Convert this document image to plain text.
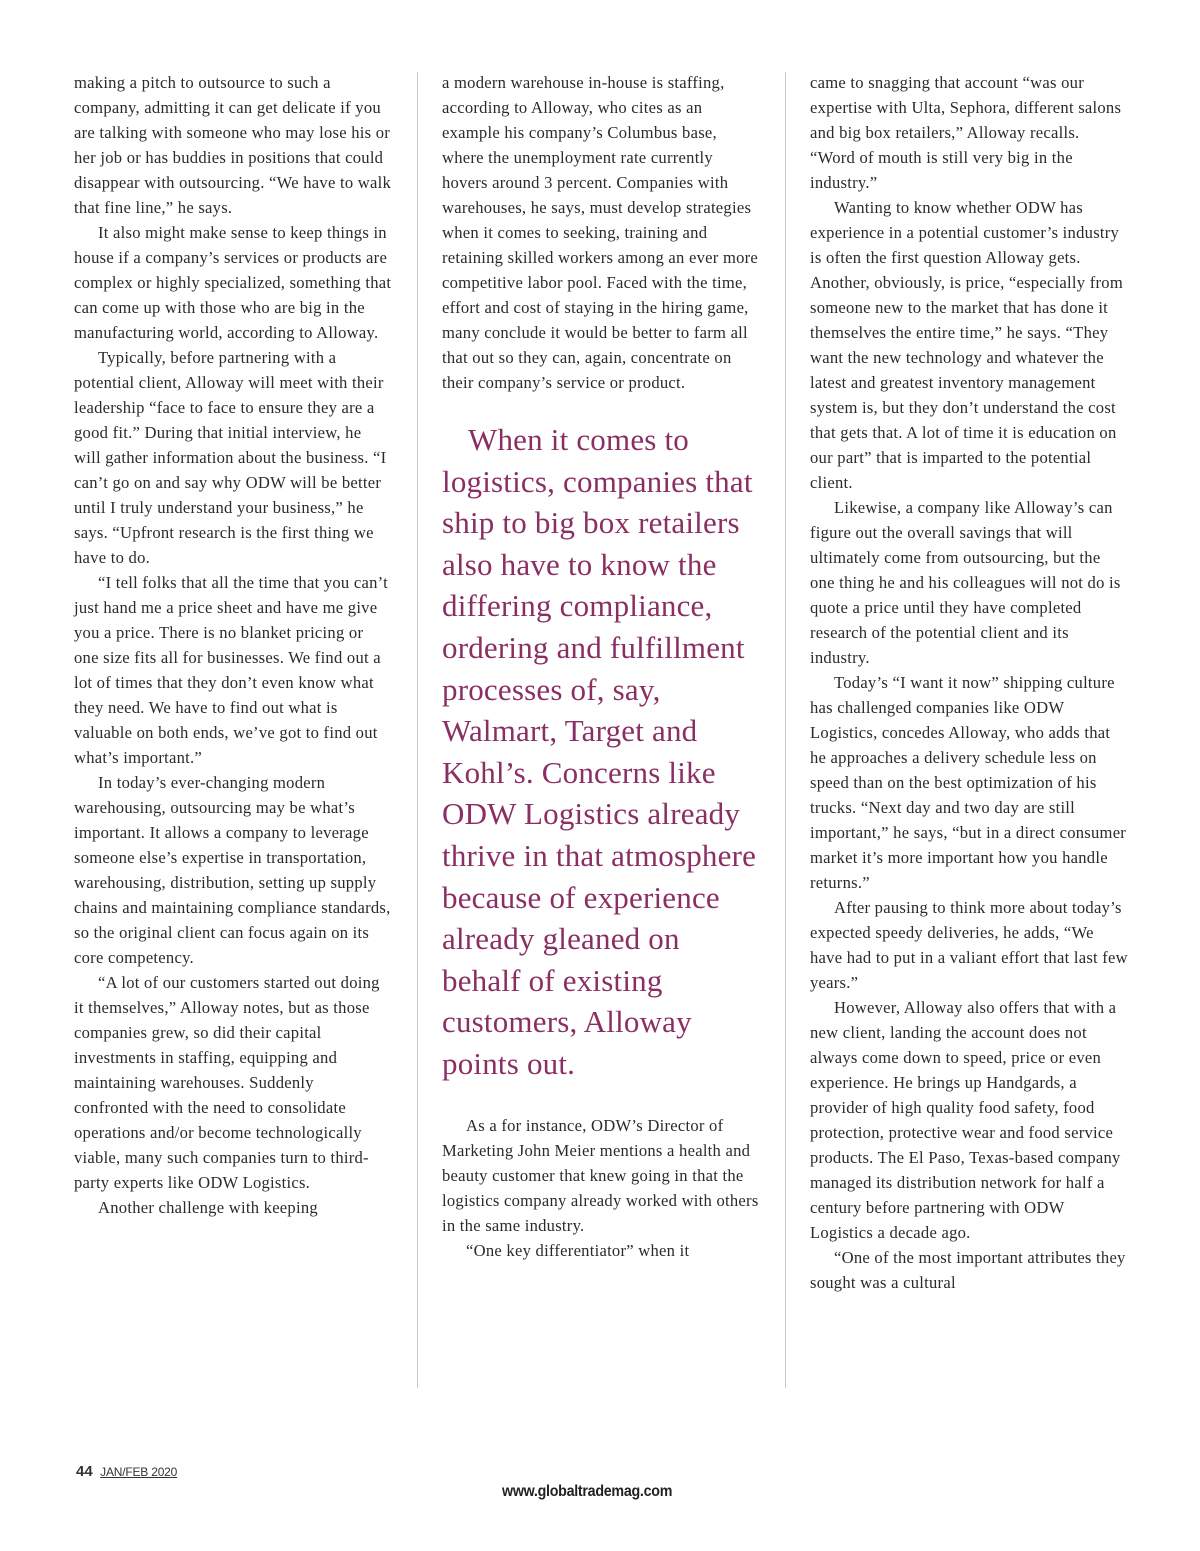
making a pitch to outsource to such a company, admitting it can get delicate if you are talking with someone who may lose his or her job or has buddies in positions that could disappear with outsourcing. “We have to walk that fine line,” he says.

It also might make sense to keep things in house if a company’s services or products are complex or highly specialized, something that can come up with those who are big in the manufacturing world, according to Alloway.

Typically, before partnering with a potential client, Alloway will meet with their leadership “face to face to ensure they are a good fit.” During that initial interview, he will gather information about the business. “I can’t go on and say why ODW will be better until I truly understand your business,” he says. “Upfront research is the first thing we have to do.

“I tell folks that all the time that you can’t just hand me a price sheet and have me give you a price. There is no blanket pricing or one size fits all for businesses. We find out a lot of times that they don’t even know what they need. We have to find out what is valuable on both ends, we’ve got to find out what’s important.”

In today’s ever-changing modern warehousing, outsourcing may be what’s important. It allows a company to leverage someone else’s expertise in transportation, warehousing, distribution, setting up supply chains and maintaining compliance standards, so the original client can focus again on its core competency.

“A lot of our customers started out doing it themselves,” Alloway notes, but as those companies grew, so did their capital investments in staffing, equipping and maintaining warehouses. Suddenly confronted with the need to consolidate operations and/or become technologically viable, many such companies turn to third-party experts like ODW Logistics.

Another challenge with keeping

a modern warehouse in-house is staffing, according to Alloway, who cites as an example his company’s Columbus base, where the unemployment rate currently hovers around 3 percent. Companies with warehouses, he says, must develop strategies when it comes to seeking, training and retaining skilled workers among an ever more competitive labor pool. Faced with the time, effort and cost of staying in the hiring game, many conclude it would be better to farm all that out so they can, again, concentrate on their company’s service or product.

When it comes to logistics, companies that ship to big box retailers also have to know the differing compliance, ordering and fulfillment processes of, say, Walmart, Target and Kohl’s. Concerns like ODW Logistics already thrive in that atmosphere because of experience already gleaned on behalf of existing customers, Alloway points out.

As a for instance, ODW’s Director of Marketing John Meier mentions a health and beauty customer that knew going in that the logistics company already worked with others in the same industry.

“One key differentiator” when it

came to snagging that account “was our expertise with Ulta, Sephora, different salons and big box retailers,” Alloway recalls. “Word of mouth is still very big in the industry.”

Wanting to know whether ODW has experience in a potential customer’s industry is often the first question Alloway gets. Another, obviously, is price, “especially from someone new to the market that has done it themselves the entire time,” he says. “They want the new technology and whatever the latest and greatest inventory management system is, but they don’t understand the cost that gets that. A lot of time it is education on our part” that is imparted to the potential client.

Likewise, a company like Alloway’s can figure out the overall savings that will ultimately come from outsourcing, but the one thing he and his colleagues will not do is quote a price until they have completed research of the potential client and its industry.

Today’s “I want it now” shipping culture has challenged companies like ODW Logistics, concedes Alloway, who adds that he approaches a delivery schedule less on speed than on the best optimization of his trucks. “Next day and two day are still important,” he says, “but in a direct consumer market it’s more important how you handle returns.”

After pausing to think more about today’s expected speedy deliveries, he adds, “We have had to put in a valiant effort that last few years.”

However, Alloway also offers that with a new client, landing the account does not always come down to speed, price or even experience. He brings up Handgards, a provider of high quality food safety, food protection, protective wear and food service products. The El Paso, Texas-based company managed its distribution network for half a century before partnering with ODW Logistics a decade ago.

“One of the most important attributes they sought was a cultural

44 JAN/FEB 2020
www.globaltrademag.com
